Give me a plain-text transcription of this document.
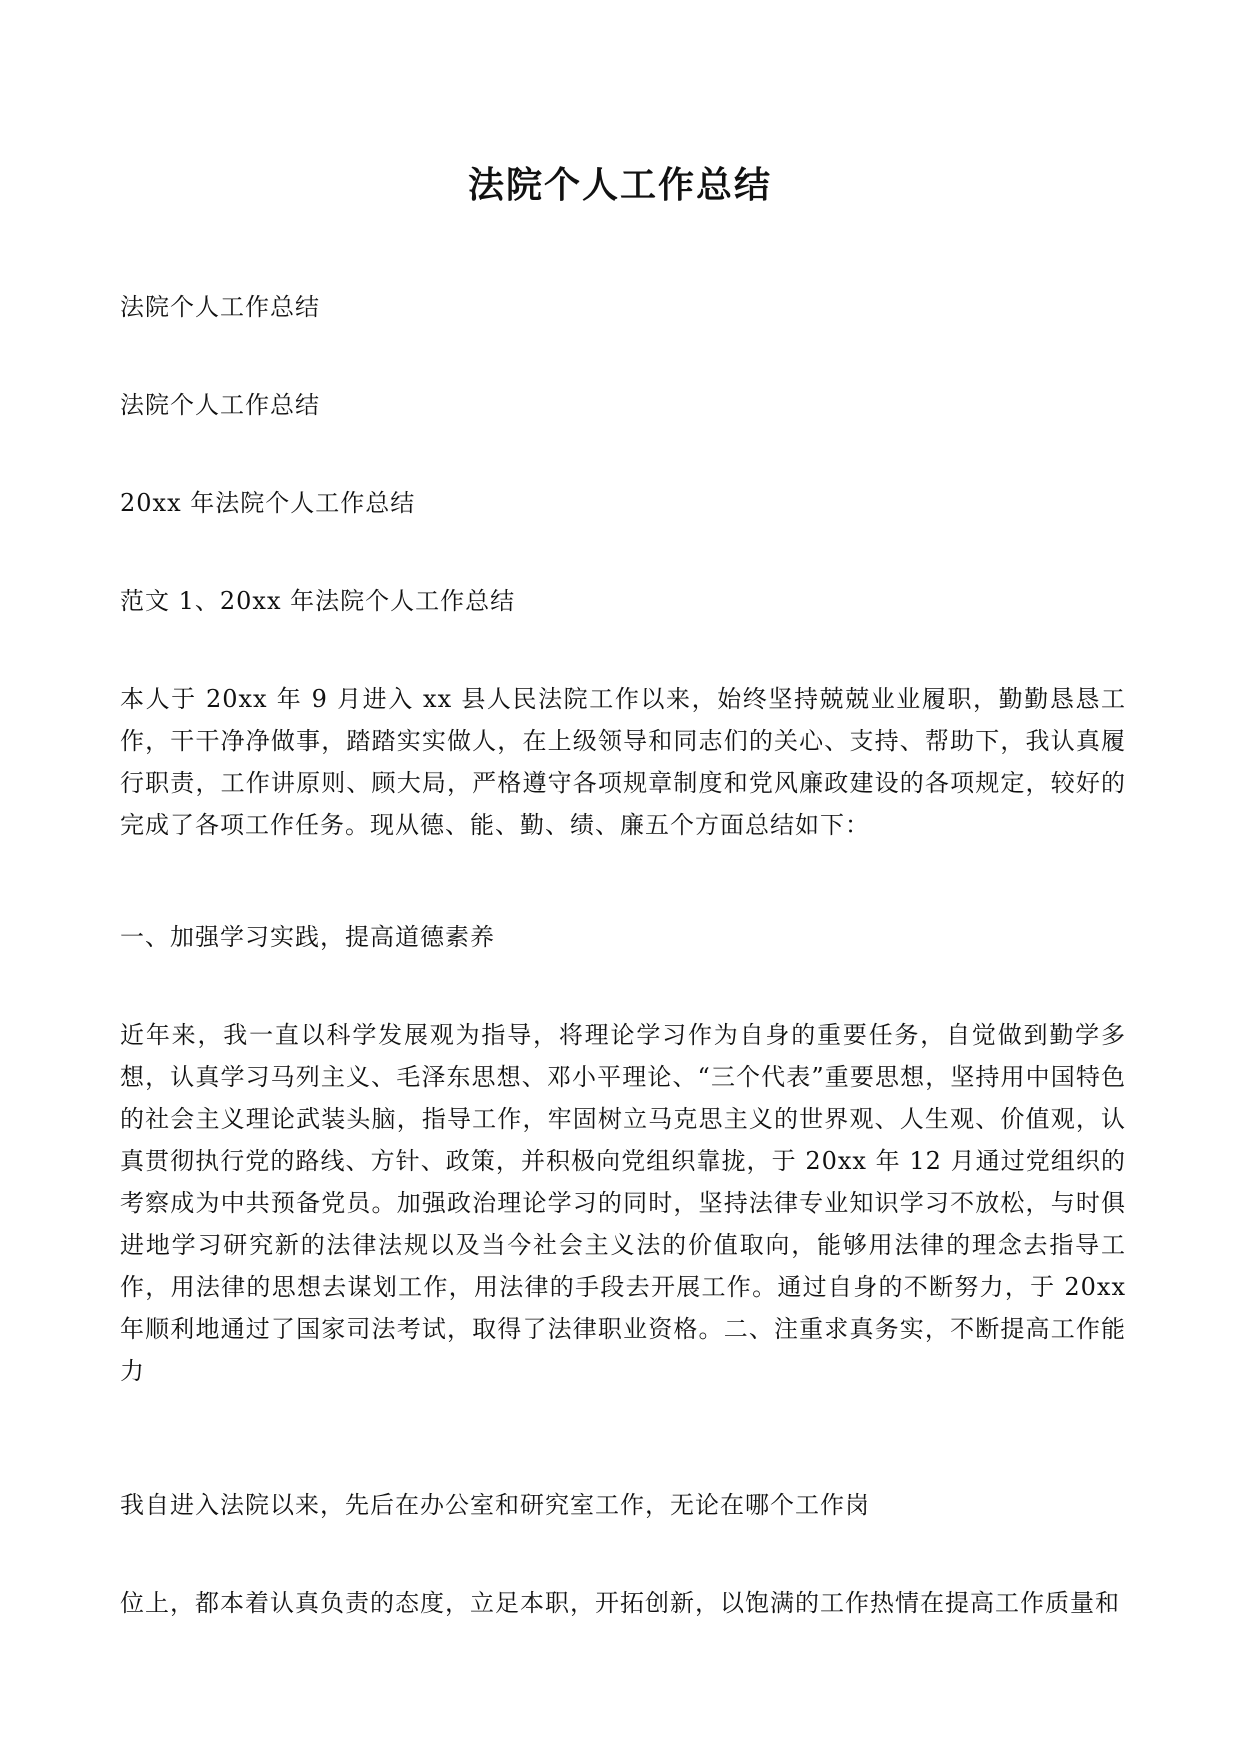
法院个人工作总结

法院个人工作总结

法院个人工作总结

20xx 年法院个人工作总结

范文 1、20xx 年法院个人工作总结

本人于 20xx 年 9 月进入 xx 县人民法院工作以来，始终坚持兢兢业业履职，勤勤恳恳工作，干干净净做事，踏踏实实做人，在上级领导和同志们的关心、支持、帮助下，我认真履行职责，工作讲原则、顾大局，严格遵守各项规章制度和党风廉政建设的各项规定，较好的完成了各项工作任务。现从德、能、勤、绩、廉五个方面总结如下：

一、加强学习实践，提高道德素养

近年来，我一直以科学发展观为指导，将理论学习作为自身的重要任务，自觉做到勤学多想，认真学习马列主义、毛泽东思想、邓小平理论、“三个代表”重要思想，坚持用中国特色的社会主义理论武装头脑，指导工作，牢固树立马克思主义的世界观、人生观、价值观，认真贯彻执行党的路线、方针、政策，并积极向党组织靠拢，于 20xx 年 12 月通过党组织的考察成为中共预备党员。加强政治理论学习的同时，坚持法律专业知识学习不放松，与时俱进地学习研究新的法律法规以及当今社会主义法的价值取向，能够用法律的理念去指导工作，用法律的思想去谋划工作，用法律的手段去开展工作。通过自身的不断努力，于 20xx 年顺利地通过了国家司法考试，取得了法律职业资格。二、注重求真务实，不断提高工作能力

我自进入法院以来，先后在办公室和研究室工作，无论在哪个工作岗

位上，都本着认真负责的态度，立足本职，开拓创新，以饱满的工作热情在提高工作质量和
